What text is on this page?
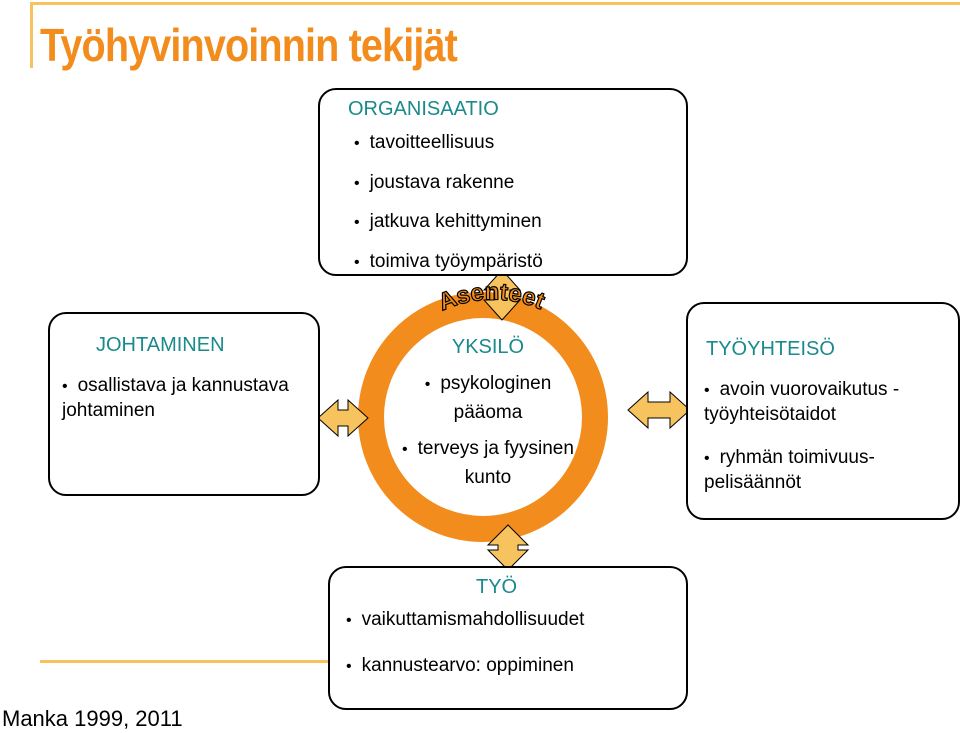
Työhyvinvoinnin tekijät
Asenteet
ORGANISAATIO
• tavoitteellisuus
• joustava rakenne
• jatkuva kehittyminen
• toimiva työympäristö
JOHTAMINEN
• osallistava ja kannustava johtaminen
YKSILÖ
• psykologinen pääoma
• terveys ja fyysinen kunto
TYÖYHTEISÖ
• avoin vuorovaikutus - työyhteisötaidot
• ryhmän toimivuus-pelisäännöt
TYÖ
• vaikuttamismahdollisuudet
• kannustearvo: oppiminen
Manka 1999, 2011
